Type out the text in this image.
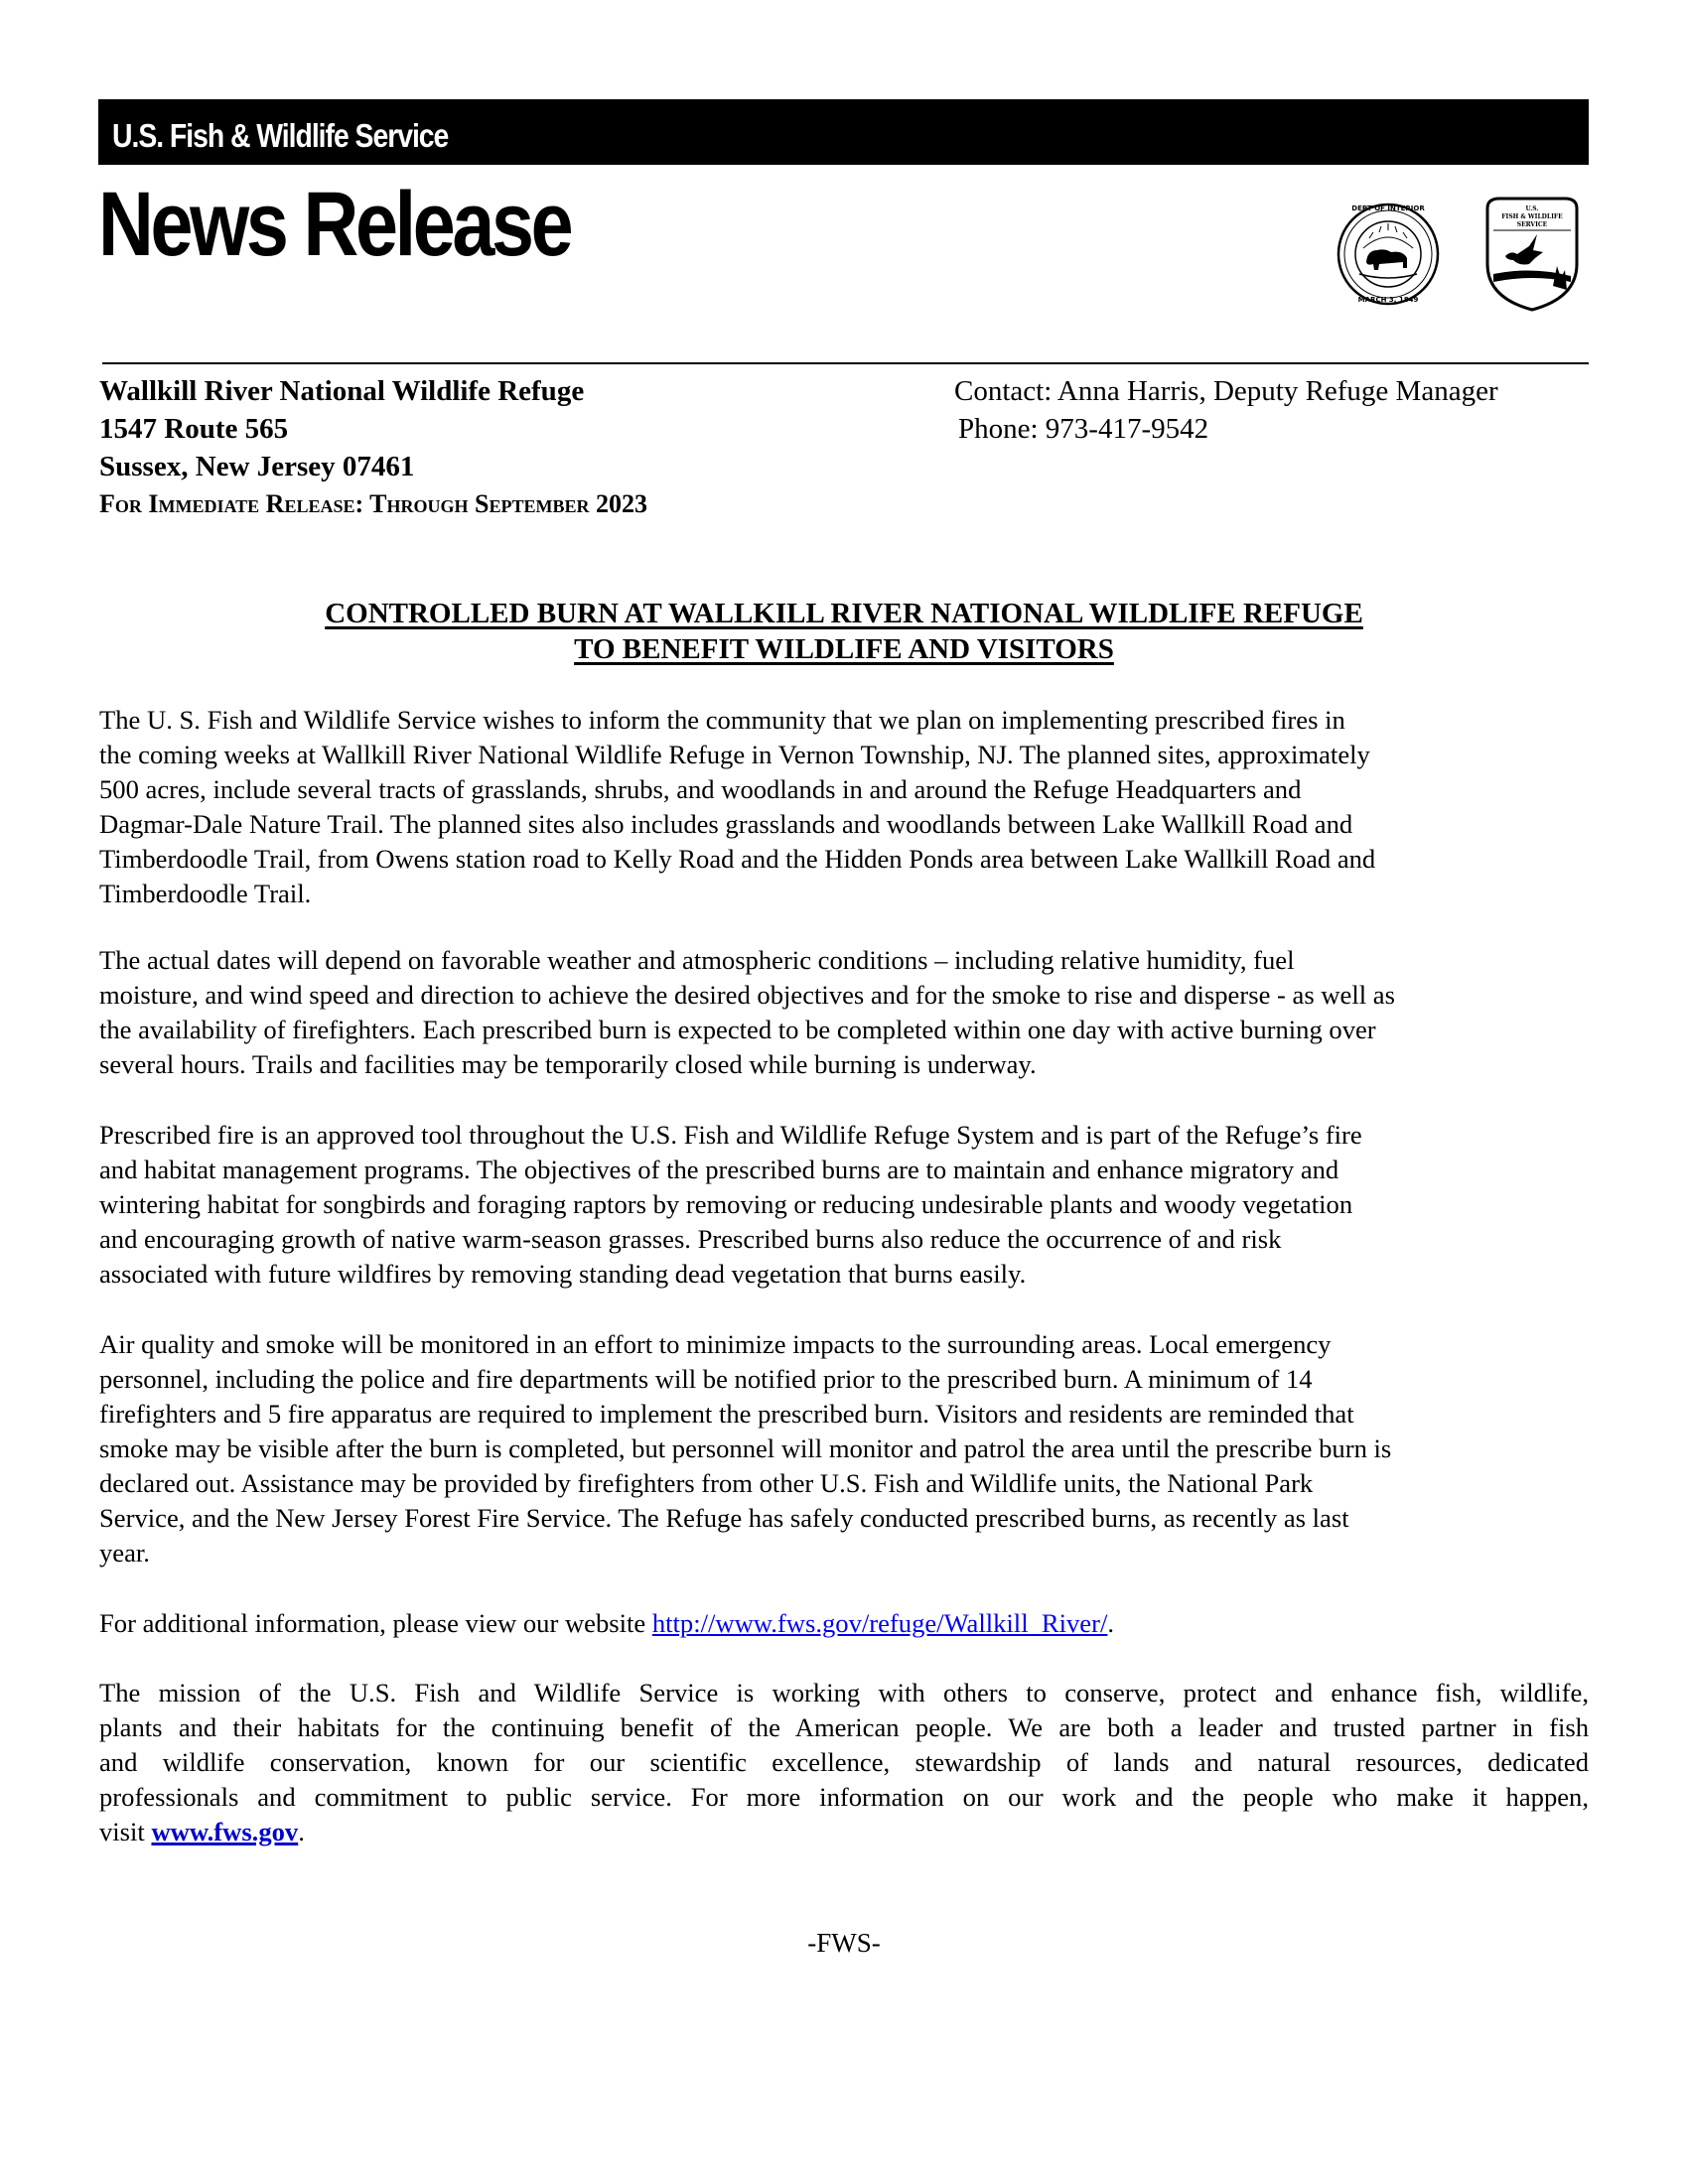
U.S. Fish & Wildlife Service
News Release	DEPT OF INTERIOR
MARCH 3, 1849
U.S.
FISH & WILDLIFE
SERVICE
Wallkill River National Wildlife Refuge
1547 Route 565
Sussex, New Jersey 07461
For Immediate Release: Through September 2023
Contact: Anna Harris, Deputy Refuge Manager
Phone: 973-417-9542
CONTROLLED BURN AT WALLKILL RIVER NATIONAL WILDLIFE REFUGE
TO BENEFIT WILDLIFE AND VISITORS
The U. S. Fish and Wildlife Service wishes to inform the community that we plan on implementing prescribed fires in
the coming weeks at Wallkill River National Wildlife Refuge in Vernon Township, NJ. The planned sites, approximately
500 acres, include several tracts of grasslands, shrubs, and woodlands in and around the Refuge Headquarters and
Dagmar-Dale Nature Trail. The planned sites also includes grasslands and woodlands between Lake Wallkill Road and
Timberdoodle Trail, from Owens station road to Kelly Road and the Hidden Ponds area between Lake Wallkill Road and
Timberdoodle Trail.
The actual dates will depend on favorable weather and atmospheric conditions – including relative humidity, fuel
moisture, and wind speed and direction to achieve the desired objectives and for the smoke to rise and disperse - as well as
the availability of firefighters. Each prescribed burn is expected to be completed within one day with active burning over
several hours. Trails and facilities may be temporarily closed while burning is underway.
Prescribed fire is an approved tool throughout the U.S. Fish and Wildlife Refuge System and is part of the Refuge’s fire
and habitat management programs. The objectives of the prescribed burns are to maintain and enhance migratory and
wintering habitat for songbirds and foraging raptors by removing or reducing undesirable plants and woody vegetation
and encouraging growth of native warm-season grasses. Prescribed burns also reduce the occurrence of and risk
associated with future wildfires by removing standing dead vegetation that burns easily.
Air quality and smoke will be monitored in an effort to minimize impacts to the surrounding areas. Local emergency
personnel, including the police and fire departments will be notified prior to the prescribed burn. A minimum of 14
firefighters and 5 fire apparatus are required to implement the prescribed burn. Visitors and residents are reminded that
smoke may be visible after the burn is completed, but personnel will monitor and patrol the area until the prescribe burn is
declared out. Assistance may be provided by firefighters from other U.S. Fish and Wildlife units, the National Park
Service, and the New Jersey Forest Fire Service. The Refuge has safely conducted prescribed burns, as recently as last
year.
For additional information, please view our website http://www.fws.gov/refuge/Wallkill_River/.
The mission of the U.S. Fish and Wildlife Service is working with others to conserve, protect and enhance fish, wildlife,
plants and their habitats for the continuing benefit of the American people. We are both a leader and trusted partner in fish
and wildlife conservation, known for our scientific excellence, stewardship of lands and natural resources, dedicated
professionals and commitment to public service. For more information on our work and the people who make it happen,
visit www.fws.gov.
-FWS-
